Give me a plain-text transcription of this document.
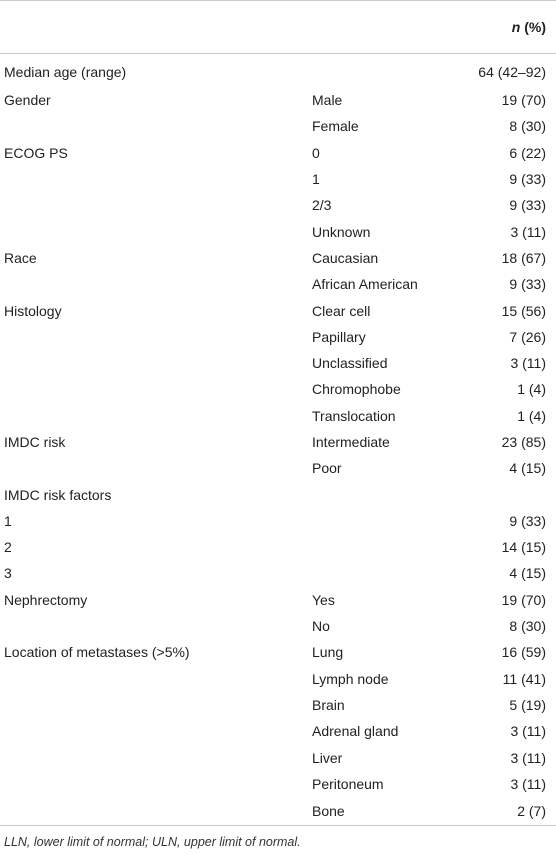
		n (%)
Median age (range)		64 (42–92)
Gender	Male	19 (70)
	Female	8 (30)
ECOG PS	0	6 (22)
	1	9 (33)
	2/3	9 (33)
	Unknown	3 (11)
Race	Caucasian	18 (67)
	African American	9 (33)
Histology	Clear cell	15 (56)
	Papillary	7 (26)
	Unclassified	3 (11)
	Chromophobe	1 (4)
	Translocation	1 (4)
IMDC risk	Intermediate	23 (85)
	Poor	4 (15)
IMDC risk factors		
1		9 (33)
2		14 (15)
3		4 (15)
Nephrectomy	Yes	19 (70)
	No	8 (30)
Location of metastases (>5%)	Lung	16 (59)
	Lymph node	11 (41)
	Brain	5 (19)
	Adrenal gland	3 (11)
	Liver	3 (11)
	Peritoneum	3 (11)
	Bone	2 (7)
LLN, lower limit of normal; ULN, upper limit of normal.
